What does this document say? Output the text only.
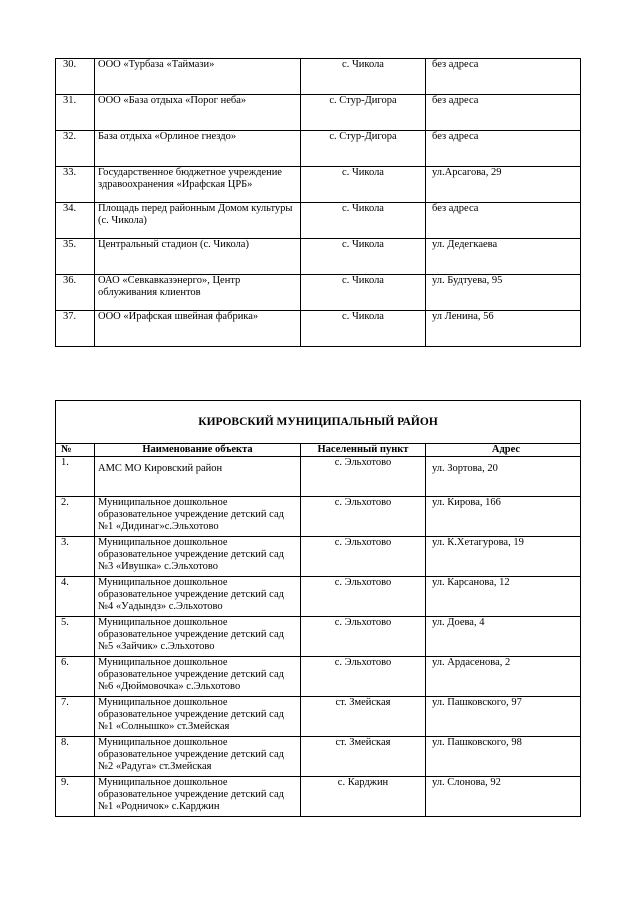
30.	ООО «Турбаза «Таймази»	с. Чикола	без адреса
31.	ООО «База отдыха «Порог неба»	с. Стур-Дигора	без адреса
32.	База отдыха «Орлиное гнездо»	с. Стур-Дигора	без адреса
33.	Государственное бюджетное учреждение здравоохранения «Ирафская ЦРБ»	с. Чикола	ул.Арсагова, 29
34.	Площадь перед районным Домом культуры (с. Чикола)	с. Чикола	без адреса
35.	Центральный стадион (с. Чикола)	с. Чикола	ул. Дедегкаева
36.	ОАО «Севкавказэнерго», Центр облуживания клиентов	с. Чикола	ул. Будтуева, 95
37.	ООО «Ирафская швейная фабрика»	с. Чикола	ул Ленина, 56
КИРОВСКИЙ МУНИЦИПАЛЬНЫЙ РАЙОН			
№	Наименование объекта	Населенный пункт	Адрес
1.	АМС МО Кировский район	с. Эльхотово	ул. Зортова, 20
2.	Муниципальное дошкольное образовательное учреждение детский сад №1 «Дидинаг»с.Эльхотово	с. Эльхотово	ул. Кирова, 166
3.	Муниципальное дошкольное образовательное учреждение детский сад №3 «Ивушка» с.Эльхотово	с. Эльхотово	ул. К.Хетагурова, 19
4.	Муниципальное дошкольное образовательное учреждение детский сад №4 «Уадындз» с.Эльхотово	с. Эльхотово	ул. Карсанова, 12
5.	Муниципальное дошкольное образовательное учреждение детский сад №5 «Зайчик» с.Эльхотово	с. Эльхотово	ул. Доева, 4
6.	Муниципальное дошкольное образовательное учреждение детский сад №6 «Дюймовочка» с.Эльхотово	с. Эльхотово	ул. Ардасенова, 2
7.	Муниципальное дошкольное образовательное учреждение детский сад №1 «Солнышко» ст.Змейская	ст. Змейская	ул. Пашковского, 97
8.	Муниципальное дошкольное образовательное учреждение детский сад №2 «Радуга» ст.Змейская	ст. Змейская	ул. Пашковского, 98
9.	Муниципальное дошкольное образовательное учреждение детский сад №1 «Родничок» с.Карджин	с. Карджин	ул. Слонова, 92
